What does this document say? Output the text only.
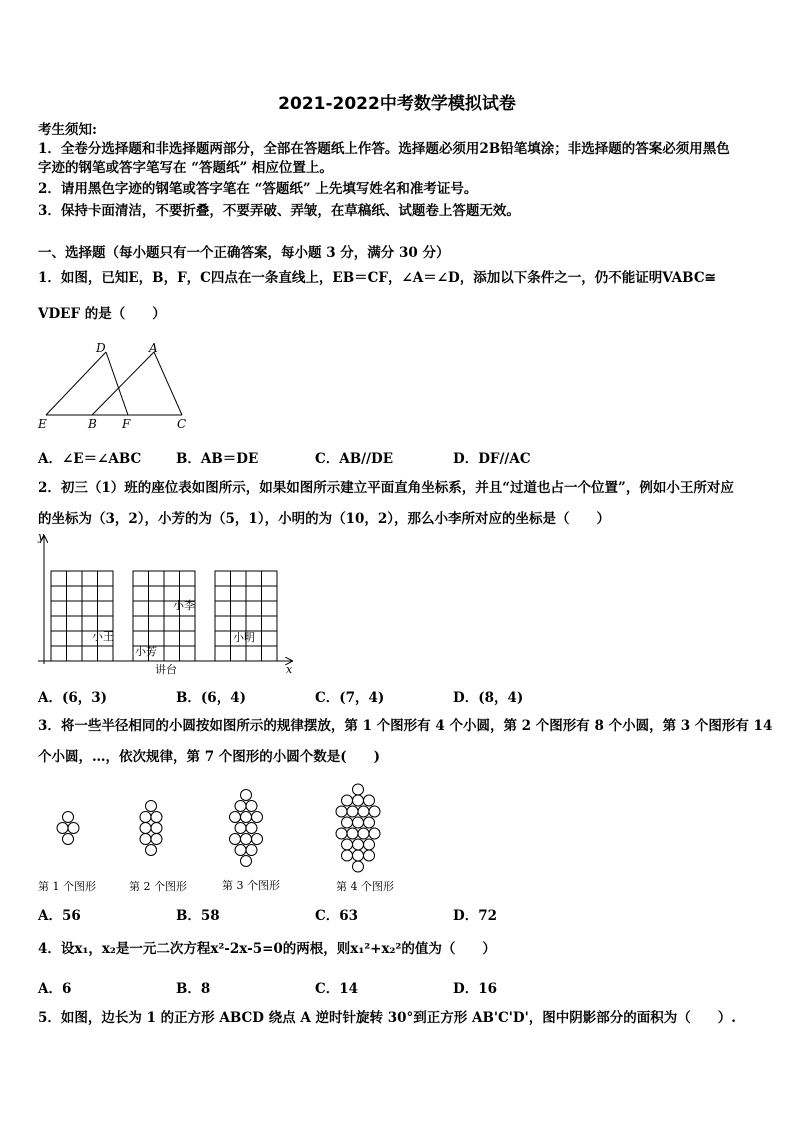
2021-2022中考数学模拟试卷
考生须知:
1．全卷分选择题和非选择题两部分，全部在答题纸上作答。选择题必须用2B铅笔填涂；非选择题的答案必须用黑色
字迹的钢笔或答字笔写在 “答题纸” 相应位置上。
2．请用黑色字迹的钢笔或答字笔在 “答题纸” 上先填写姓名和准考证号。
3．保持卡面清洁，不要折叠，不要弄破、弄皱，在草稿纸、试题卷上答题无效。
一、选择题（每小题只有一个正确答案，每小题 3 分，满分 30 分）
1．如图，已知E，B，F，C四点在一条直线上，EB＝CF，∠A＝∠D，添加以下条件之一，仍不能证明VABC≅
VDEF 的是（　　）
D	A
E	B F	C
A．∠E＝∠ABC	B．AB＝DE	C．AB//DE	D．DF//AC
2．初三（1）班的座位表如图所示，如果如图所示建立平面直角坐标系，并且“过道也占一个位置”，例如小王所对应
的坐标为（3，2），小芳的为（5，1），小明的为（10，2），那么小李所对应的坐标是（　　）
y
x
小王
小芳
小李
小明
讲台
A．(6，3)	B．(6，4)	C．(7，4)	D．(8，4)
3．将一些半径相同的小圆按如图所示的规律摆放，第 1 个图形有 4 个小圆，第 2 个图形有 8 个小圆，第 3 个图形有 14
个小圆，…，依次规律，第 7 个图形的小圆个数是(　　)
第 1 个图形	第 2 个图形	第 3 个图形	第 4 个图形
A．56	B．58	C．63	D．72
4．设x₁，x₂是一元二次方程x²-2x-5=0的两根，则x₁²+x₂²的值为（　　）
A．6	B．8	C．14	D．16
5．如图，边长为 1 的正方形 ABCD 绕点 A 逆时针旋转 30°到正方形 AB'C'D'，图中阴影部分的面积为（　　）.
